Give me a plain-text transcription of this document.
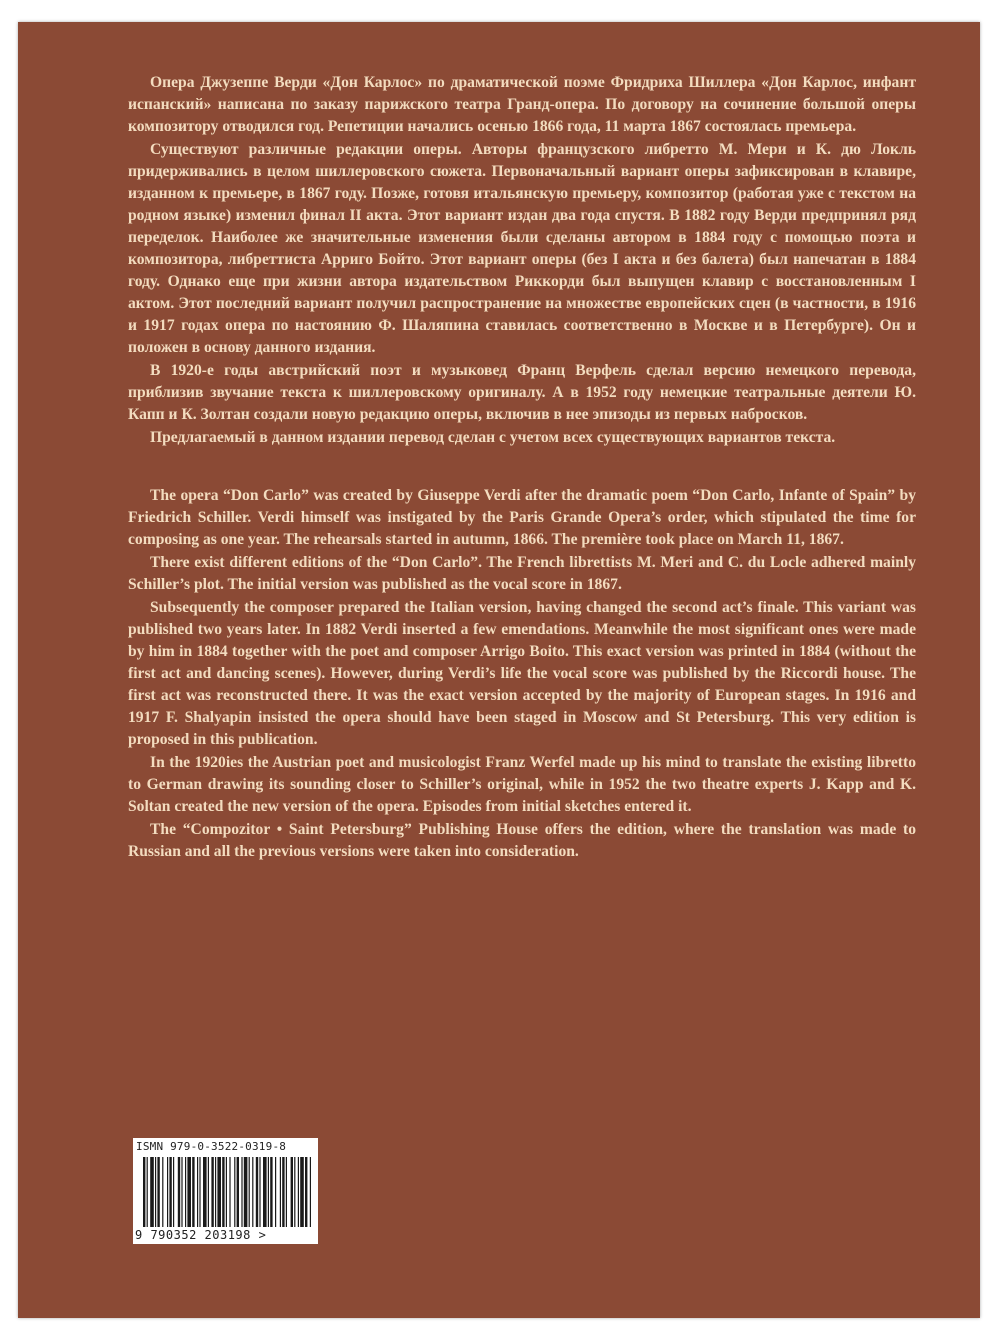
Опера Джузеппе Верди «Дон Карлос» по драматической поэме Фридриха Шиллера «Дон Карлос, инфант испанский» написана по заказу парижского театра Гранд-опера. По договору на сочинение большой оперы композитору отводился год. Репетиции начались осенью 1866 года, 11 марта 1867 состоялась премьера.

Существуют различные редакции оперы. Авторы французского либретто М. Мери и К. дю Локль придерживались в целом шиллеровского сюжета. Первоначальный вариант оперы зафиксирован в клавире, изданном к премьере, в 1867 году. Позже, готовя итальянскую премьеру, композитор (работая уже с текстом на родном языке) изменил финал II акта. Этот вариант издан два года спустя. В 1882 году Верди предпринял ряд переделок. Наиболее же значительные изменения были сделаны автором в 1884 году с помощью поэта и композитора, либреттиста Арриго Бойто. Этот вариант оперы (без I акта и без балета) был напечатан в 1884 году. Однако еще при жизни автора издательством Риккорди был выпущен клавир с восстановленным I актом. Этот последний вариант получил распространение на множестве европейских сцен (в частности, в 1916 и 1917 годах опера по настоянию Ф. Шаляпина ставилась соответственно в Москве и в Петербурге). Он и положен в основу данного издания.

В 1920-е годы австрийский поэт и музыковед Франц Верфель сделал версию немецкого перевода, приблизив звучание текста к шиллеровскому оригиналу. А в 1952 году немецкие театральные деятели Ю. Капп и К. Золтан создали новую редакцию оперы, включив в нее эпизоды из первых набросков.

Предлагаемый в данном издании перевод сделан с учетом всех существующих вариантов текста.

The opera “Don Carlo” was created by Giuseppe Verdi after the dramatic poem “Don Carlo, Infante of Spain” by Friedrich Schiller. Verdi himself was instigated by the Paris Grande Opera’s order, which stipulated the time for composing as one year. The rehearsals started in autumn, 1866. The première took place on March 11, 1867.

There exist different editions of the “Don Carlo”. The French librettists M. Meri and C. du Locle adhered mainly Schiller’s plot. The initial version was published as the vocal score in 1867.

Subsequently the composer prepared the Italian version, having changed the second act’s finale. This variant was published two years later. In 1882 Verdi inserted a few emendations. Meanwhile the most significant ones were made by him in 1884 together with the poet and composer Arrigo Boito. This exact version was printed in 1884 (without the first act and dancing scenes). However, during Verdi’s life the vocal score was published by the Riccordi house. The first act was reconstructed there. It was the exact version accepted by the majority of European stages. In 1916 and 1917 F. Shalyapin insisted the opera should have been staged in Moscow and St Petersburg. This very edition is proposed in this publication.

In the 1920ies the Austrian poet and musicologist Franz Werfel made up his mind to translate the existing libretto to German drawing its sounding closer to Schiller’s original, while in 1952 the two theatre experts J. Kapp and K. Soltan created the new version of the opera. Episodes from initial sketches entered it.

The “Compozitor • Saint Petersburg” Publishing House offers the edition, where the translation was made to Russian and all the previous versions were taken into consideration.

ISMN 979-0-3522-0319-8
9 790352 203198 >
